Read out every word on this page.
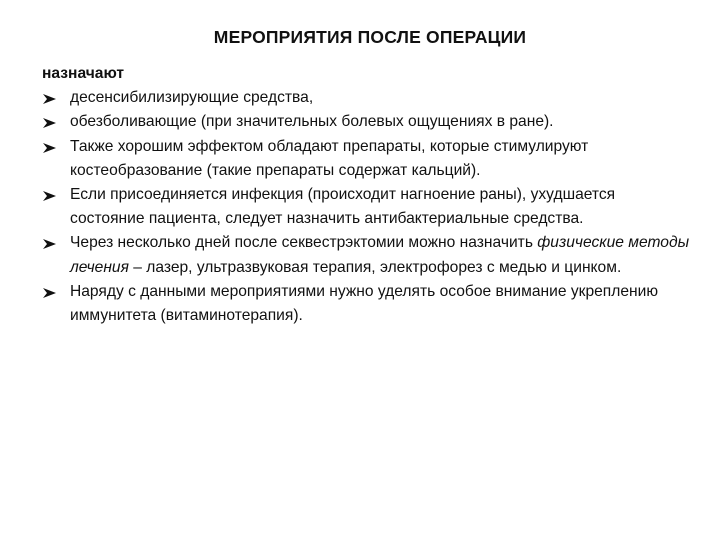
МЕРОПРИЯТИЯ ПОСЛЕ ОПЕРАЦИИ

назначают

десенсибилизирующие средства,
обезболивающие (при значительных болевых ощущениях в ране).
Также хорошим эффектом обладают препараты, которые стимулируют костеобразование (такие препараты содержат кальций).
Если присоединяется инфекция (происходит нагноение раны), ухудшается состояние пациента, следует назначить антибактериальные средства.
Через несколько дней после секвестрэктомии можно назначить физические методы лечения – лазер, ультразвуковая терапия, электрофорез с медью и цинком.
Наряду с данными мероприятиями нужно уделять особое внимание укреплению иммунитета (витаминотерапия).
